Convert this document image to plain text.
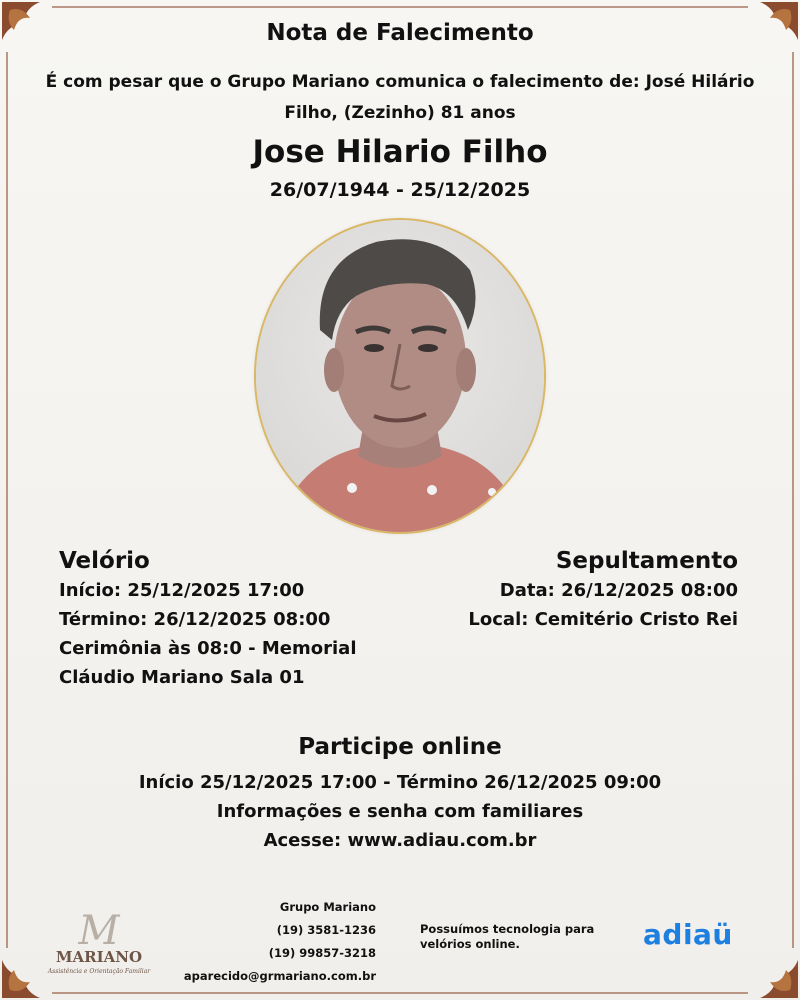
Nota de Falecimento
É com pesar que o Grupo Mariano comunica o falecimento de: José Hilário
Filho, (Zezinho) 81 anos
Jose Hilario Filho
26/07/1944 - 25/12/2025
Velório
Início: 25/12/2025 17:00
Término: 26/12/2025 08:00
Cerimônia às 08:0 - Memorial
Cláudio Mariano Sala 01
Sepultamento
Data: 26/12/2025 08:00
Local: Cemitério Cristo Rei
Participe online
Início 25/12/2025 17:00 - Término 26/12/2025 09:00
Informações e senha com familiares
Acesse: www.adiau.com.br
M
MARIANO
Assistência e Orientação Familiar
Grupo Mariano
(19) 3581-1236
(19) 99857-3218
aparecido@grmariano.com.br
Possuímos tecnologia para
velórios online.	adiaü
